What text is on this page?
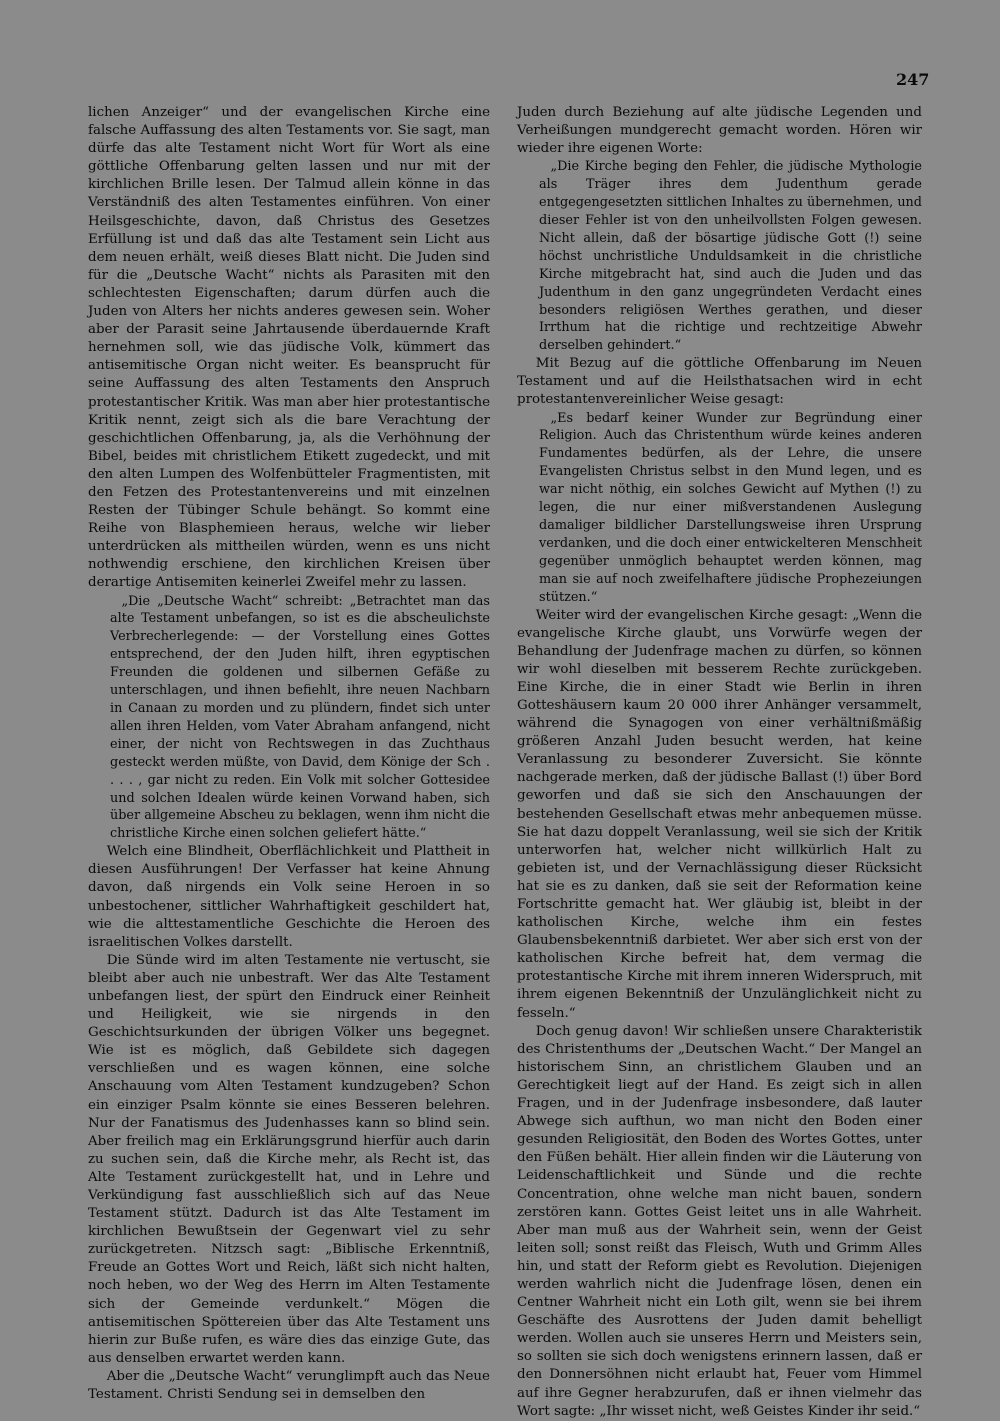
247

lichen Anzeiger“ und der evangelischen Kirche eine falsche Auffassung des alten Testaments vor. Sie sagt, man dürfe das alte Testament nicht Wort für Wort als eine göttliche Offenbarung gelten lassen und nur mit der kirchlichen Brille lesen. Der Talmud allein könne in das Verständniß des alten Testamentes einführen. Von einer Heilsgeschichte, davon, daß Christus des Gesetzes Erfüllung ist und daß das alte Testament sein Licht aus dem neuen erhält, weiß dieses Blatt nicht. Die Juden sind für die „Deutsche Wacht“ nichts als Parasiten mit den schlechtesten Eigenschaften; darum dürfen auch die Juden von Alters her nichts anderes gewesen sein. Woher aber der Parasit seine Jahrtausende überdauernde Kraft hernehmen soll, wie das jüdische Volk, kümmert das antisemitische Organ nicht weiter. Es beansprucht für seine Auffassung des alten Testaments den Anspruch protestantischer Kritik. Was man aber hier protestantische Kritik nennt, zeigt sich als die bare Verachtung der geschichtlichen Offenbarung, ja, als die Verhöhnung der Bibel, beides mit christlichem Etikett zugedeckt, und mit den alten Lumpen des Wolfenbütteler Fragmentisten, mit den Fetzen des Protestantenvereins und mit einzelnen Resten der Tübinger Schule behängt. So kommt eine Reihe von Blasphemieen heraus, welche wir lieber unterdrücken als mittheilen würden, wenn es uns nicht nothwendig erschiene, den kirchlichen Kreisen über derartige Antisemiten keinerlei Zweifel mehr zu lassen.

„Die „Deutsche Wacht“ schreibt: „Betrachtet man das alte Testament unbefangen, so ist es die abscheulichste Verbrecherlegende: — der Vorstellung eines Gottes entsprechend, der den Juden hilft, ihren egyptischen Freunden die goldenen und silbernen Gefäße zu unterschlagen, und ihnen befiehlt, ihre neuen Nachbarn in Canaan zu morden und zu plündern, findet sich unter allen ihren Helden, vom Vater Abraham anfangend, nicht einer, der nicht von Rechtswegen in das Zuchthaus gesteckt werden müßte, von David, dem Könige der Sch . . . . , gar nicht zu reden. Ein Volk mit solcher Gottesidee und solchen Idealen würde keinen Vorwand haben, sich über allgemeine Abscheu zu beklagen, wenn ihm nicht die christliche Kirche einen solchen geliefert hätte.“

Welch eine Blindheit, Oberflächlichkeit und Plattheit in diesen Ausführungen! Der Verfasser hat keine Ahnung davon, daß nirgends ein Volk seine Heroen in so unbestochener, sittlicher Wahrhaftigkeit geschildert hat, wie die alttestamentliche Geschichte die Heroen des israelitischen Volkes darstellt.

Die Sünde wird im alten Testamente nie vertuscht, sie bleibt aber auch nie unbestraft. Wer das Alte Testament unbefangen liest, der spürt den Eindruck einer Reinheit und Heiligkeit, wie sie nirgends in den Geschichtsurkunden der übrigen Völker uns begegnet. Wie ist es möglich, daß Gebildete sich dagegen verschließen und es wagen können, eine solche Anschauung vom Alten Testament kundzugeben? Schon ein einziger Psalm könnte sie eines Besseren belehren. Nur der Fanatismus des Judenhasses kann so blind sein. Aber freilich mag ein Erklärungsgrund hierfür auch darin zu suchen sein, daß die Kirche mehr, als Recht ist, das Alte Testament zurückgestellt hat, und in Lehre und Verkündigung fast ausschließlich sich auf das Neue Testament stützt. Dadurch ist das Alte Testament im kirchlichen Bewußtsein der Gegenwart viel zu sehr zurückgetreten. Nitzsch sagt: „Biblische Erkenntniß, Freude an Gottes Wort und Reich, läßt sich nicht halten, noch heben, wo der Weg des Herrn im Alten Testamente sich der Gemeinde verdunkelt.“ Mögen die antisemitischen Spöttereien über das Alte Testament uns hierin zur Buße rufen, es wäre dies das einzige Gute, das aus denselben erwartet werden kann.

Aber die „Deutsche Wacht“ verunglimpft auch das Neue Testament. Christi Sendung sei in demselben den

Juden durch Beziehung auf alte jüdische Legenden und Verheißungen mundgerecht gemacht worden. Hören wir wieder ihre eigenen Worte:

„Die Kirche beging den Fehler, die jüdische Mythologie als Träger ihres dem Judenthum gerade entgegengesetzten sittlichen Inhaltes zu übernehmen, und dieser Fehler ist von den unheilvollsten Folgen gewesen. Nicht allein, daß der bösartige jüdische Gott (!) seine höchst unchristliche Unduldsamkeit in die christliche Kirche mitgebracht hat, sind auch die Juden und das Judenthum in den ganz ungegründeten Verdacht eines besonders religiösen Werthes gerathen, und dieser Irrthum hat die richtige und rechtzeitige Abwehr derselben gehindert.“

Mit Bezug auf die göttliche Offenbarung im Neuen Testament und auf die Heilsthatsachen wird in echt protestantenvereinlicher Weise gesagt:

„Es bedarf keiner Wunder zur Begründung einer Religion. Auch das Christenthum würde keines anderen Fundamentes bedürfen, als der Lehre, die unsere Evangelisten Christus selbst in den Mund legen, und es war nicht nöthig, ein solches Gewicht auf Mythen (!) zu legen, die nur einer mißverstandenen Auslegung damaliger bildlicher Darstellungsweise ihren Ursprung verdanken, und die doch einer entwickelteren Menschheit gegenüber unmöglich behauptet werden können, mag man sie auf noch zweifelhaftere jüdische Prophezeiungen stützen.“

Weiter wird der evangelischen Kirche gesagt: „Wenn die evangelische Kirche glaubt, uns Vorwürfe wegen der Behandlung der Judenfrage machen zu dürfen, so können wir wohl dieselben mit besserem Rechte zurückgeben. Eine Kirche, die in einer Stadt wie Berlin in ihren Gotteshäusern kaum 20 000 ihrer Anhänger versammelt, während die Synagogen von einer verhältnißmäßig größeren Anzahl Juden besucht werden, hat keine Veranlassung zu besonderer Zuversicht. Sie könnte nachgerade merken, daß der jüdische Ballast (!) über Bord geworfen und daß sie sich den Anschauungen der bestehenden Gesellschaft etwas mehr anbequemen müsse. Sie hat dazu doppelt Veranlassung, weil sie sich der Kritik unterworfen hat, welcher nicht willkürlich Halt zu gebieten ist, und der Vernachlässigung dieser Rücksicht hat sie es zu danken, daß sie seit der Reformation keine Fortschritte gemacht hat. Wer gläubig ist, bleibt in der katholischen Kirche, welche ihm ein festes Glaubensbekenntniß darbietet. Wer aber sich erst von der katholischen Kirche befreit hat, dem vermag die protestantische Kirche mit ihrem inneren Widerspruch, mit ihrem eigenen Bekenntniß der Unzulänglichkeit nicht zu fesseln.“

Doch genug davon! Wir schließen unsere Charakteristik des Christenthums der „Deutschen Wacht.“ Der Mangel an historischem Sinn, an christlichem Glauben und an Gerechtigkeit liegt auf der Hand. Es zeigt sich in allen Fragen, und in der Judenfrage insbesondere, daß lauter Abwege sich aufthun, wo man nicht den Boden einer gesunden Religiosität, den Boden des Wortes Gottes, unter den Füßen behält. Hier allein finden wir die Läuterung von Leidenschaftlichkeit und Sünde und die rechte Concentration, ohne welche man nicht bauen, sondern zerstören kann. Gottes Geist leitet uns in alle Wahrheit. Aber man muß aus der Wahrheit sein, wenn der Geist leiten soll; sonst reißt das Fleisch, Wuth und Grimm Alles hin, und statt der Reform giebt es Revolution. Diejenigen werden wahrlich nicht die Judenfrage lösen, denen ein Centner Wahrheit nicht ein Loth gilt, wenn sie bei ihrem Geschäfte des Ausrottens der Juden damit behelligt werden. Wollen auch sie unseres Herrn und Meisters sein, so sollten sie sich doch wenigstens erinnern lassen, daß er den Donnersöhnen nicht erlaubt hat, Feuer vom Himmel auf ihre Gegner herabzurufen, daß er ihnen vielmehr das Wort sagte: „Ihr wisset nicht, weß Geistes Kinder ihr seid.“
